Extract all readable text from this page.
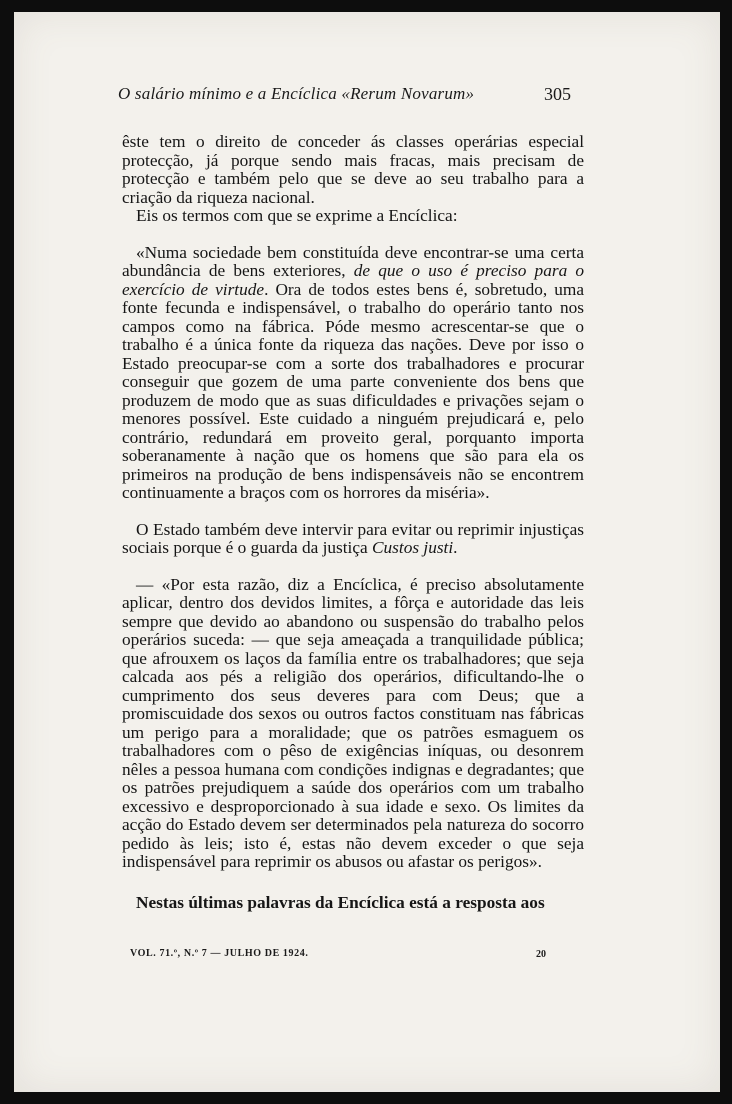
O salário mínimo e a Encíclica «Rerum Novarum»	305

êste tem o direito de conceder ás classes operárias especial protecção, já porque sendo mais fracas, mais precisam de protecção e também pelo que se deve ao seu trabalho para a criação da riqueza nacional.

Eis os termos com que se exprime a Encíclica:

«Numa sociedade bem constituída deve encontrar-se uma certa abundância de bens exteriores, de que o uso é preciso para o exercício de virtude. Ora de todos estes bens é, sobretudo, uma fonte fecunda e indispensável, o trabalho do operário tanto nos campos como na fábrica. Póde mesmo acrescentar-se que o trabalho é a única fonte da riqueza das nações. Deve por isso o Estado preocupar-se com a sorte dos trabalhadores e procurar conseguir que gozem de uma parte conveniente dos bens que produzem de modo que as suas dificuldades e privações sejam o menores possível. Este cuidado a ninguém prejudicará e, pelo contrário, redundará em proveito geral, porquanto importa soberanamente à nação que os homens que são para ela os primeiros na produção de bens indispensáveis não se encontrem continuamente a braços com os horrores da miséria».

O Estado também deve intervir para evitar ou reprimir injustiças sociais porque é o guarda da justiça Custos justi.

— «Por esta razão, diz a Encíclica, é preciso absolutamente aplicar, dentro dos devidos limites, a fôrça e autoridade das leis sempre que devido ao abandono ou suspensão do trabalho pelos operários suceda: — que seja ameaçada a tranquilidade pública; que afrouxem os laços da família entre os trabalhadores; que seja calcada aos pés a religião dos operários, dificultando-lhe o cumprimento dos seus deveres para com Deus; que a promiscuidade dos sexos ou outros factos constituam nas fábricas um perigo para a moralidade; que os patrões esmaguem os trabalhadores com o pêso de exigências iníquas, ou desonrem nêles a pessoa humana com condições indignas e degradantes; que os patrões prejudiquem a saúde dos operários com um trabalho excessivo e desproporcionado à sua idade e sexo. Os limites da acção do Estado devem ser determinados pela natureza do socorro pedido às leis; isto é, estas não devem exceder o que seja indispensável para reprimir os abusos ou afastar os perigos».

Nestas últimas palavras da Encíclica está a resposta aos

VOL. 71.º, N.º 7 — JULHO DE 1924.	20
